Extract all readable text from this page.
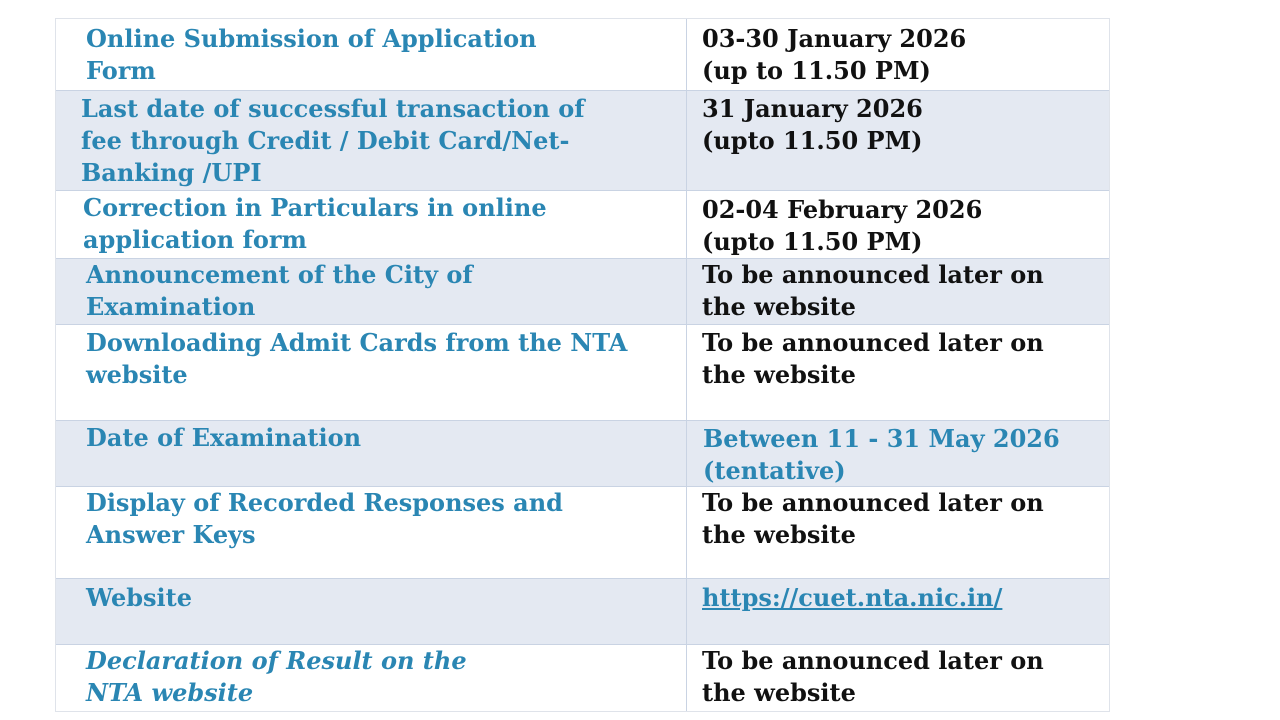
Online Submission of Application Form
03-30 January 2026
(up to 11.50 PM)
Last date of successful transaction of fee through Credit / Debit Card/Net-Banking /UPI
31 January 2026
(upto 11.50 PM)
Correction in Particulars in online application form
02-04 February 2026
(upto 11.50 PM)
Announcement of the City of Examination
To be announced later on the website
Downloading Admit Cards from the NTA website
To be announced later on
the website
Date of Examination	Between 11 - 31 May 2026
(tentative)
Display of Recorded Responses and Answer Keys
To be announced later on the website
Website	https://cuet.nta.nic.in/
Declaration of Result on the NTA website
To be announced later on
the website
